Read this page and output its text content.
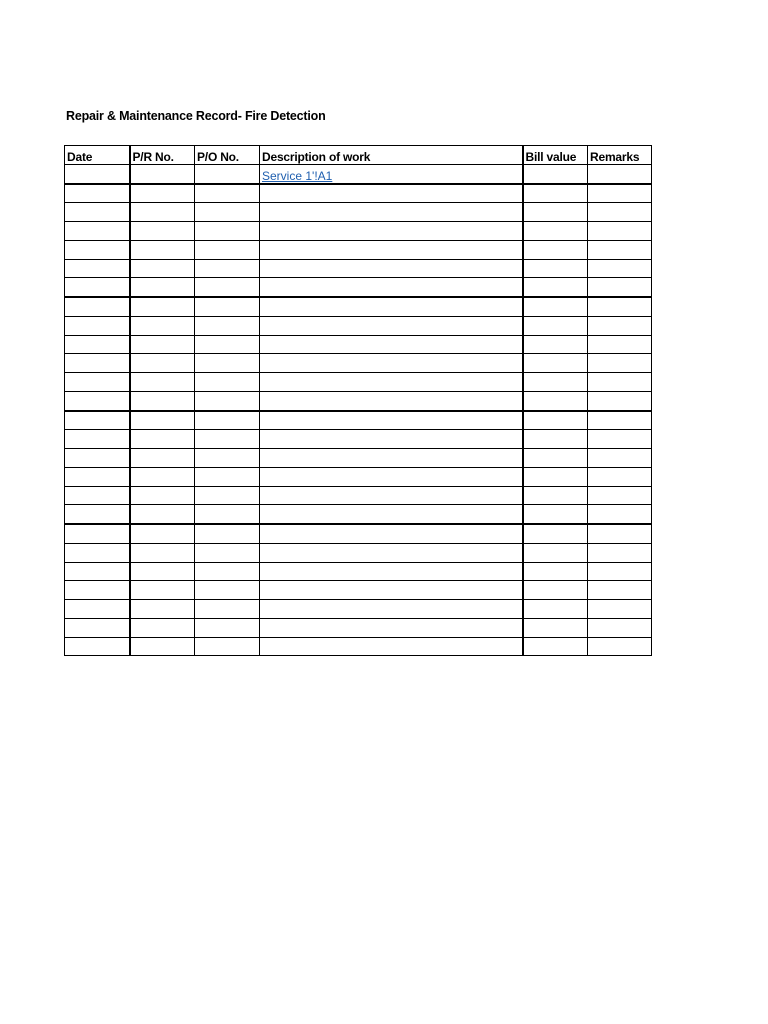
Repair & Maintenance Record- Fire Detection
Date	P/R No.	P/O No.	Description of work	Bill value	Remarks
			Service 1'!A1		
